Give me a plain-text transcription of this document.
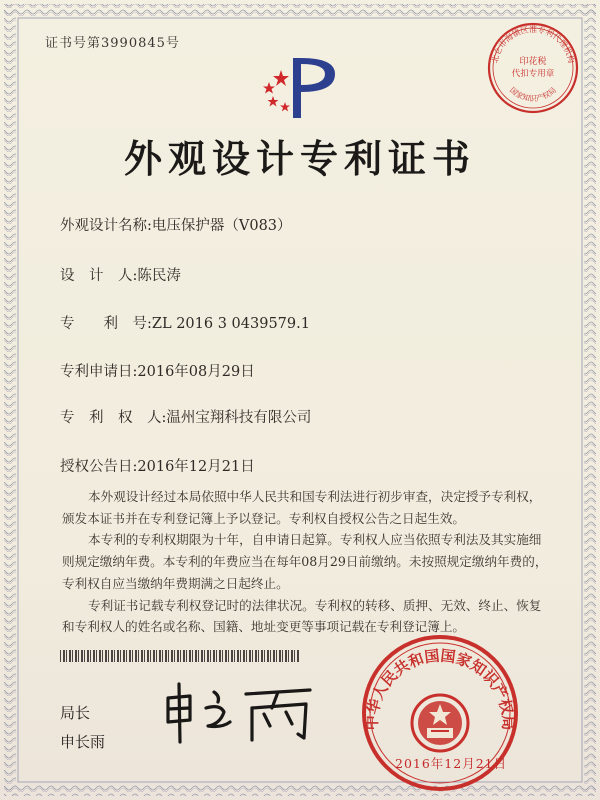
证书号第3990845号
北仑市海镇区准专利代理机构
印花税
代扣专用章
国家知识产权局
外观设计专利证书
外观设计名称:电压保护器（V083）
设　计　人:陈民涛
专　　利　号:ZL 2016 3 0439579.1
专利申请日:2016年08月29日
专　利　权　人:温州宝翔科技有限公司
授权公告日:2016年12月21日

本外观设计经过本局依照中华人民共和国专利法进行初步审查，决定授予专利权，颁发本证书并在专利登记簿上予以登记。专利权自授权公告之日起生效。

本专利的专利权期限为十年，自申请日起算。专利权人应当依照专利法及其实施细则规定缴纳年费。本专利的年费应当在每年08月29日前缴纳。未按照规定缴纳年费的，专利权自应当缴纳年费期满之日起终止。

专利证书记载专利权登记时的法律状况。专利权的转移、质押、无效、终止、恢复和专利权人的姓名或名称、国籍、地址变更等事项记载在专利登记簿上。

局长
申长雨
中华人民共和国国家知识产权局
2016年12月21日
